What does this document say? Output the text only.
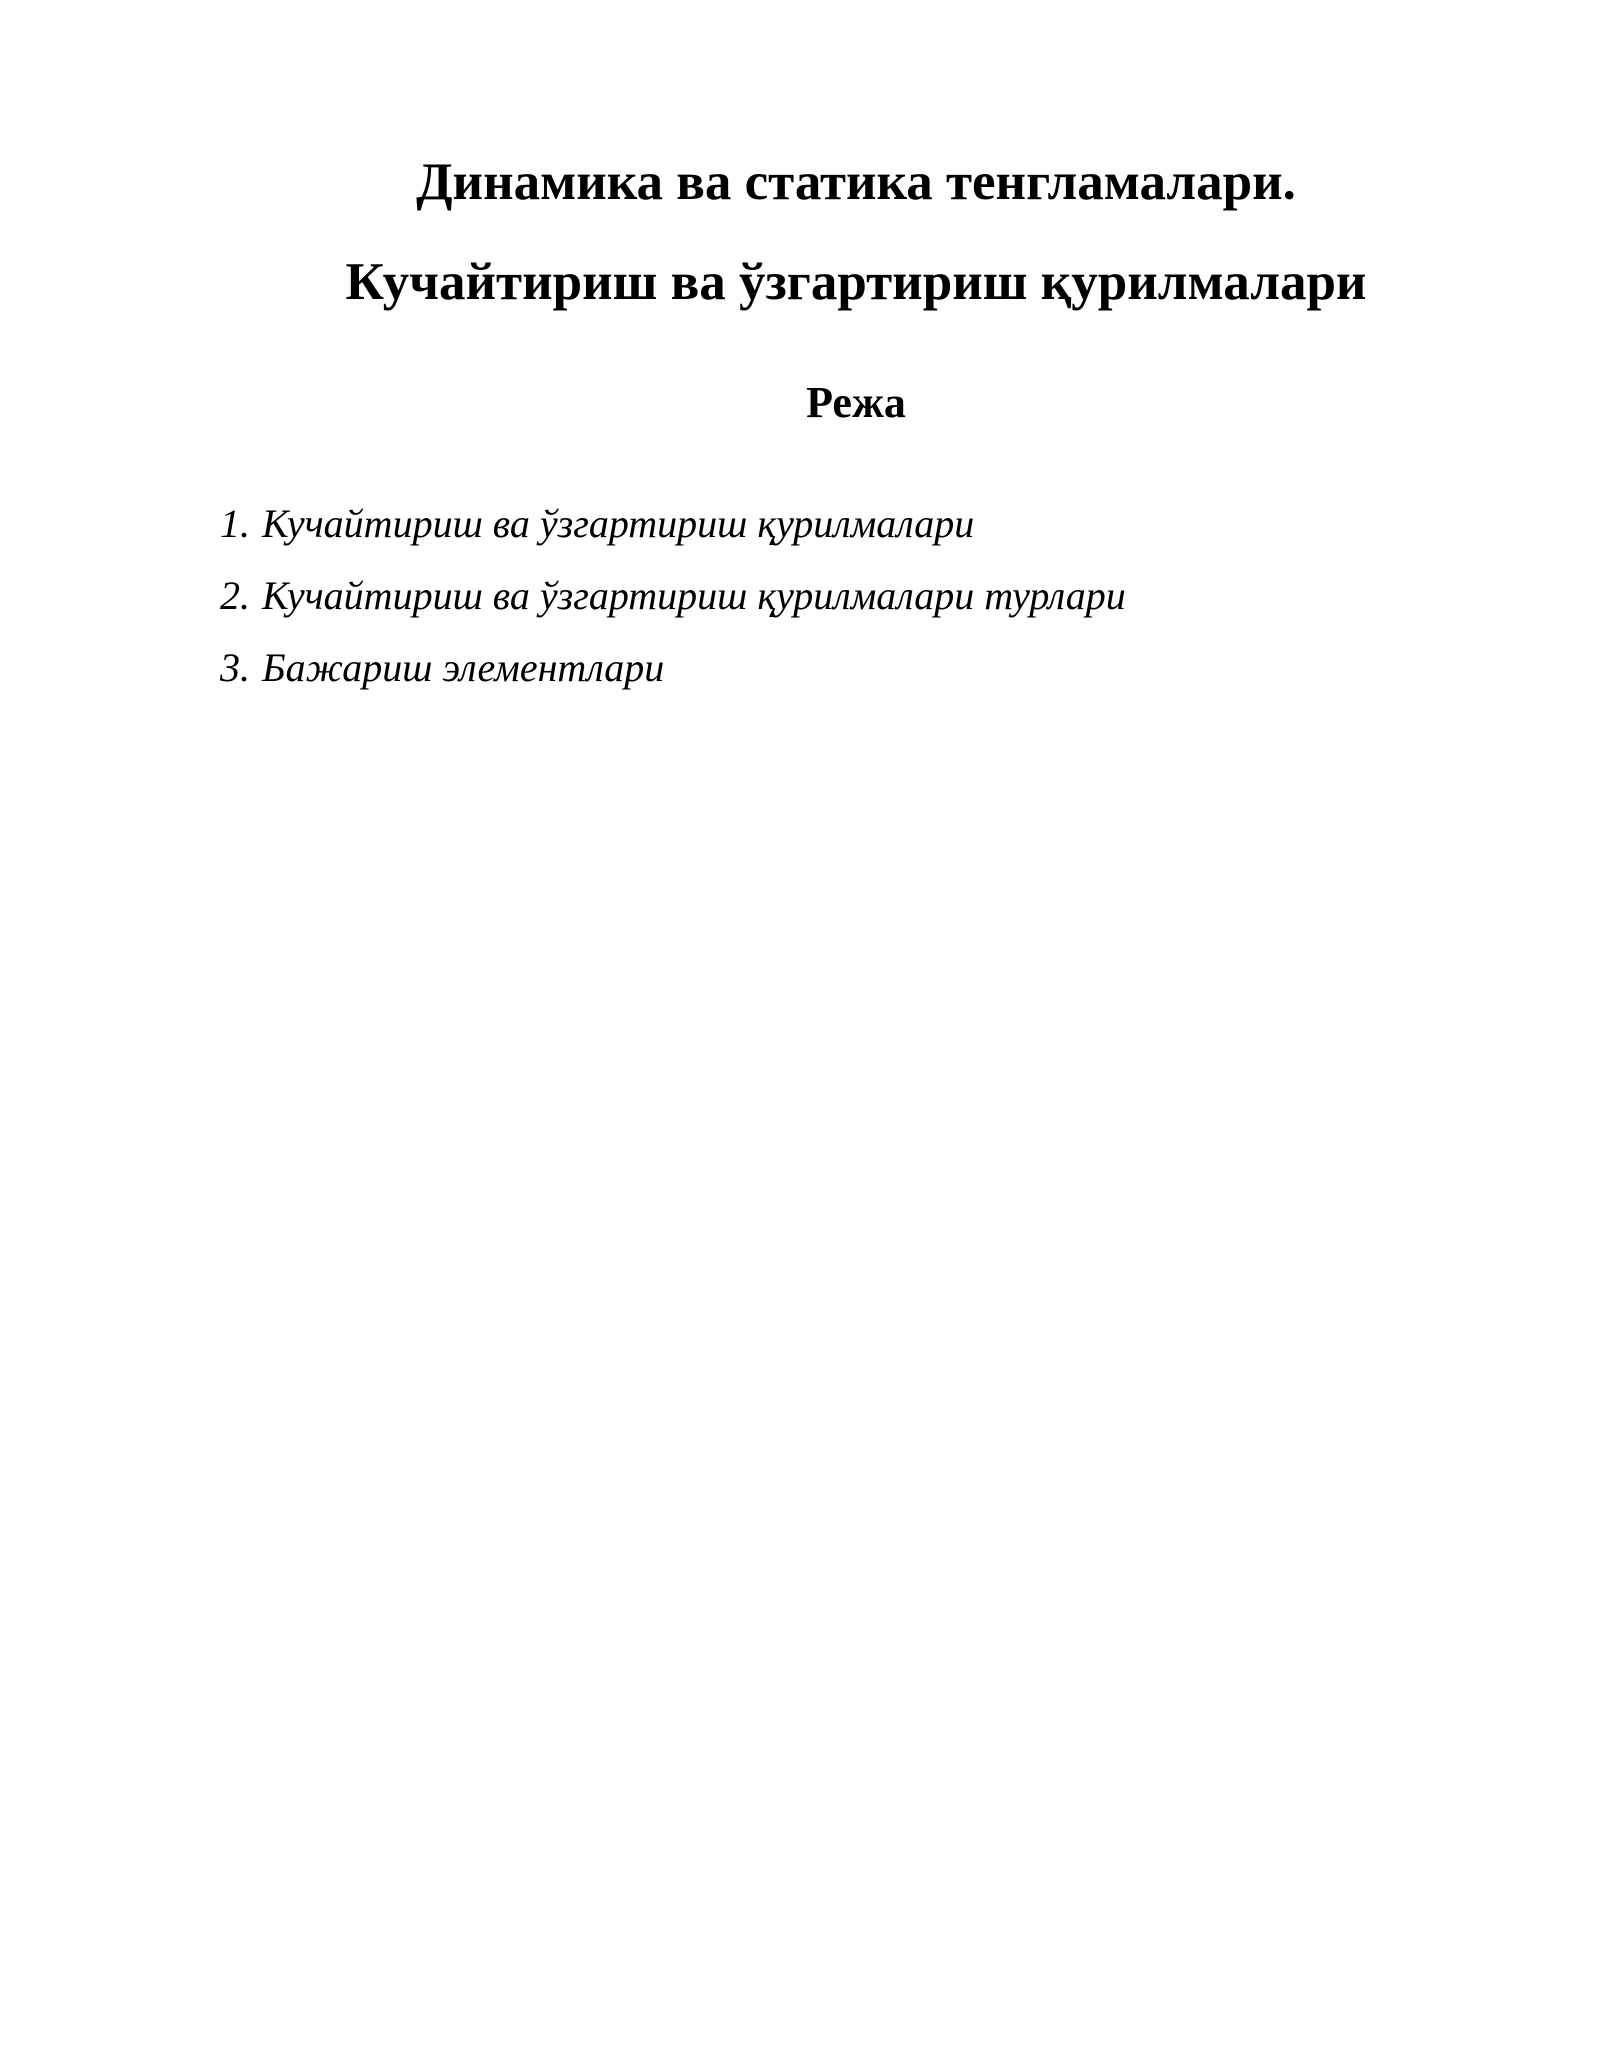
Динамика ва статика тенгламалари.
Кучайтириш ва ўзгартириш қурилмалари
Режа
1. Кучайтириш ва ўзгартириш қурилмалари
2. Кучайтириш ва ўзгартириш қурилмалари турлари
3. Бажариш элементлари
